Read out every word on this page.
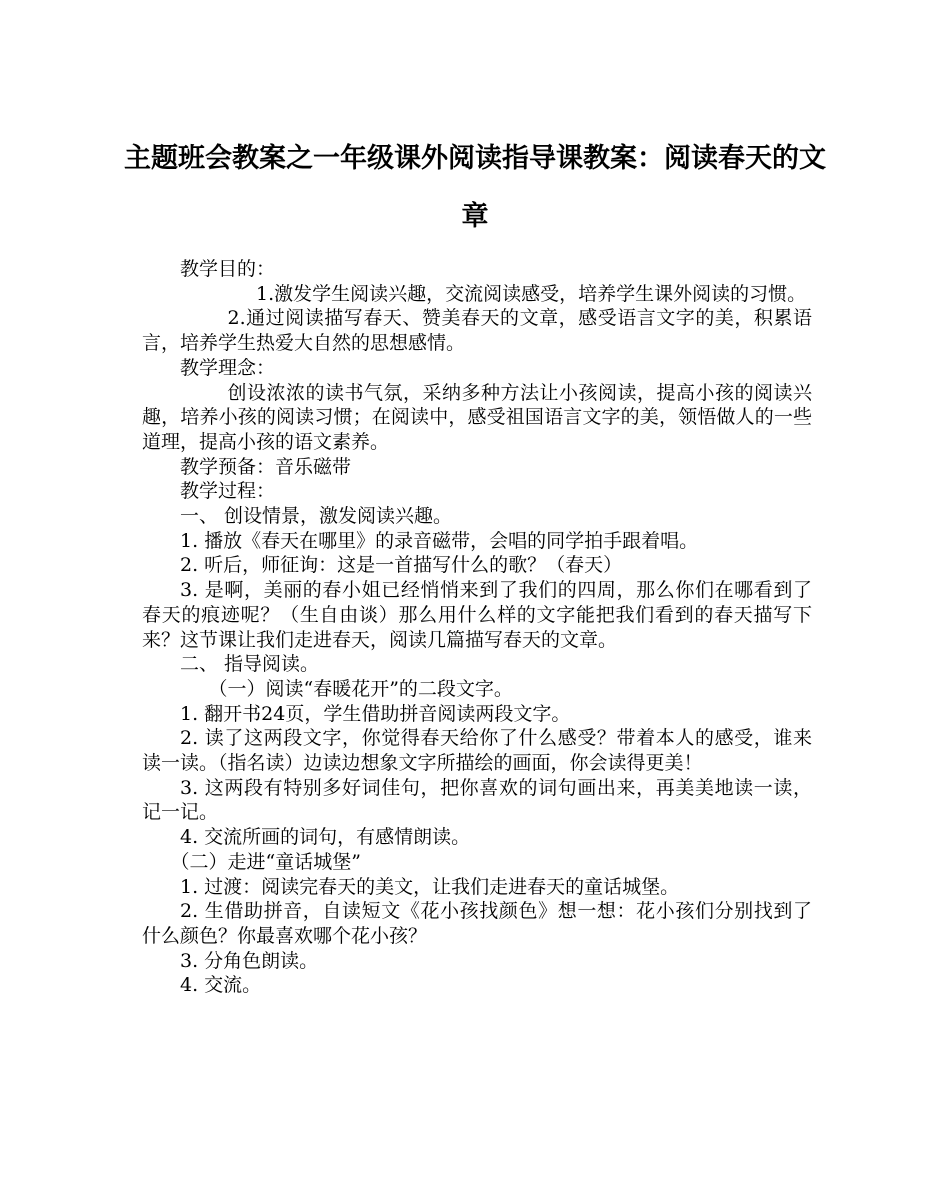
主题班会教案之一年级课外阅读指导课教案：阅读春天的文章

教学目的：

1.激发学生阅读兴趣，交流阅读感受，培养学生课外阅读的习惯。

2.通过阅读描写春天、赞美春天的文章，感受语言文字的美，积累语言，培养学生热爱大自然的思想感情。

教学理念：

创设浓浓的读书气氛，采纳多种方法让小孩阅读，提高小孩的阅读兴趣，培养小孩的阅读习惯；在阅读中，感受祖国语言文字的美，领悟做人的一些道理，提高小孩的语文素养。

教学预备：音乐磁带

教学过程：

一、 创设情景，激发阅读兴趣。

1. 播放《春天在哪里》的录音磁带，会唱的同学拍手跟着唱。

2. 听后，师征询：这是一首描写什么的歌？（春天）

3. 是啊，美丽的春小姐已经悄悄来到了我们的四周，那么你们在哪看到了春天的痕迹呢？（生自由谈）那么用什么样的文字能把我们看到的春天描写下来？这节课让我们走进春天，阅读几篇描写春天的文章。

二、 指导阅读。

（一）阅读“春暖花开”的二段文字。

1. 翻开书24页，学生借助拼音阅读两段文字。

2. 读了这两段文字，你觉得春天给你了什么感受？带着本人的感受，谁来读一读。（指名读）边读边想象文字所描绘的画面，你会读得更美！

3. 这两段有特别多好词佳句，把你喜欢的词句画出来，再美美地读一读，记一记。

4. 交流所画的词句，有感情朗读。

（二）走进“童话城堡”

1. 过渡：阅读完春天的美文，让我们走进春天的童话城堡。

2. 生借助拼音，自读短文《花小孩找颜色》想一想：花小孩们分别找到了什么颜色？你最喜欢哪个花小孩？

3. 分角色朗读。

4. 交流。
